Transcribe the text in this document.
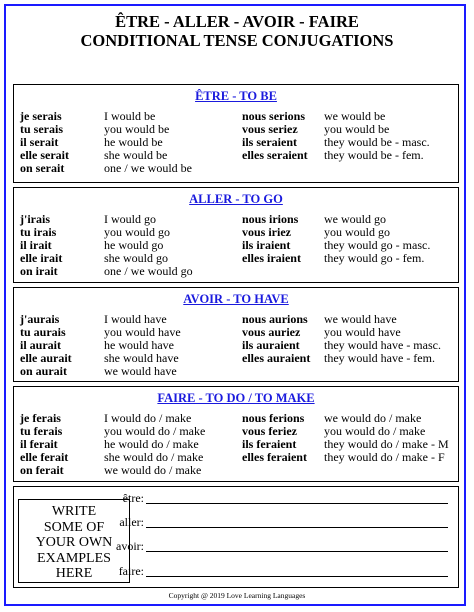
ÊTRE - ALLER - AVOIR - FAIRE
CONDITIONAL TENSE CONJUGATIONS
ÊTRE - TO BE
je serais	I would be	nous serions we would be
tu serais	you would be	vous seriez you would be
il serait	he would be	ils seraient they would be - masc.
elle serait	she would be	elles seraient they would be - fem.
on serait	one / we would be
ALLER - TO GO
j'irais	I would go	nous irions we would go
tu irais	you would go	vous iriez	you would go
il irait	he would go	ils iraient	they would go - masc.
elle irait	she would go	elles iraient they would go - fem.
on irait	one / we would go
AVOIR - TO HAVE
j'aurais	I would have	nous aurions we would have
tu aurais	you would have	vous auriez you would have
il aurait	he would have	ils auraient they would have - masc.
elle aurait	she would have	elles auraient they would have - fem.
on aurait	we would have
FAIRE - TO DO / TO MAKE
je ferais	I would do / make	nous ferions we would do / make
tu ferais	you would do / make	vous feriez you would do / make
il ferait	he would do / make	ils feraient they would do / make - M
elle ferait	she would do / make	elles feraient they would do / make - F
on ferait	we would do / make
WRITE
SOME OF
YOUR OWN
EXAMPLES
HERE
être:
aller:
avoir:
faire:
Copyright @ 2019 Love Learning Languages
